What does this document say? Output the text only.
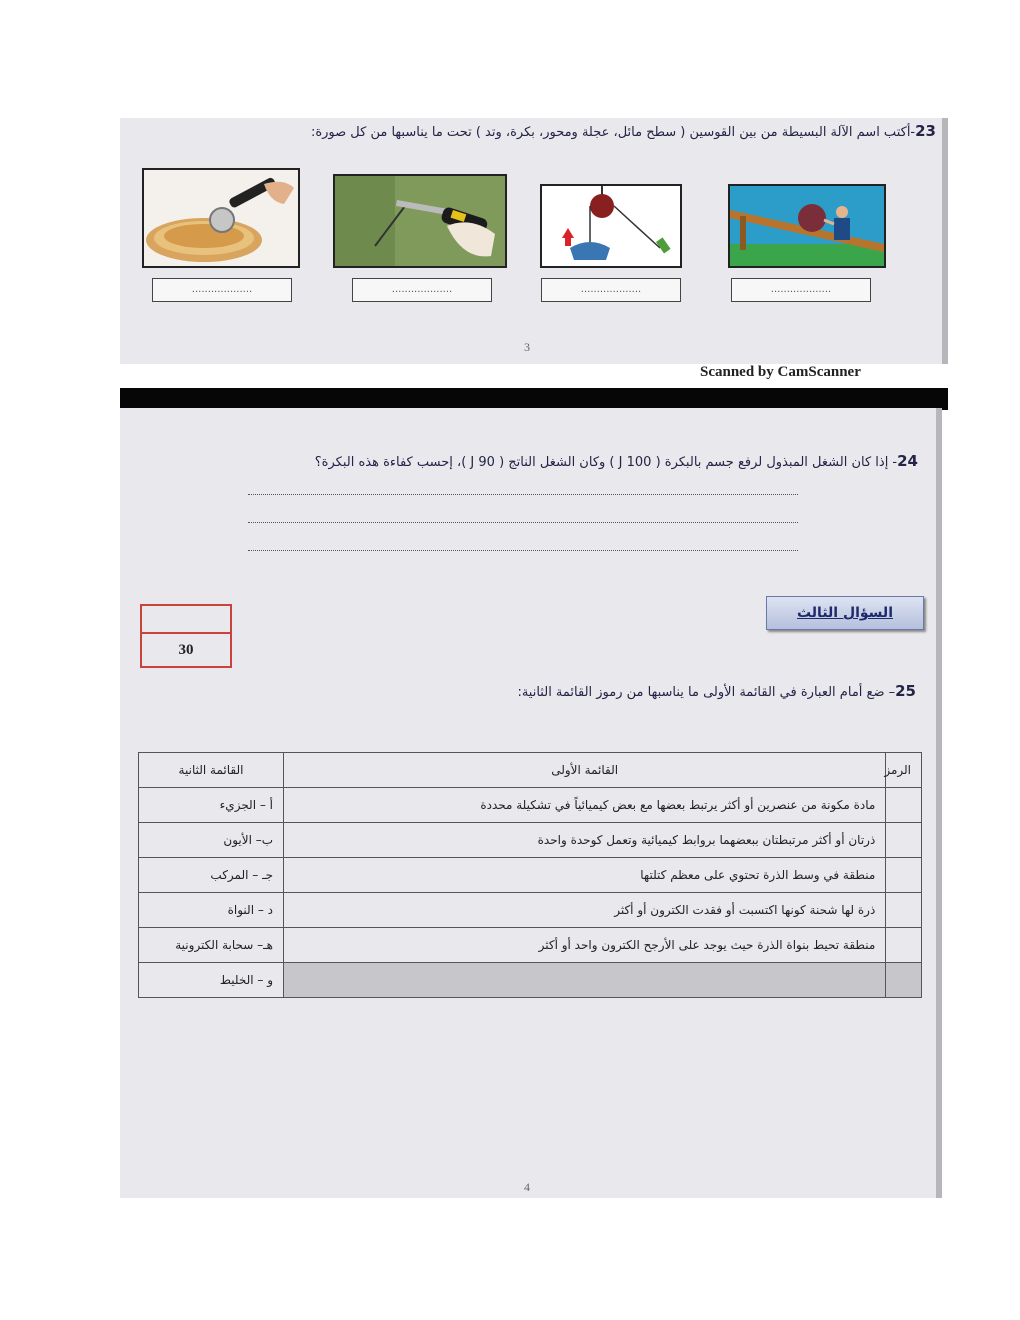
23-أكتب اسم الآلة البسيطة من بين القوسين ( سطح مائل، عجلة ومحور، بكرة، وتد ) تحت ما يناسبها من كل صورة:
...................	...................	...................	...................
3
Scanned by CamScanner
24- إذا كان الشغل المبذول لرفع جسم بالبكرة ( 100 J ) وكان الشغل الناتج ( 90 J )، إحسب كفاءة هذه البكرة؟
30
السؤال الثالث
25– ضع أمام العبارة في القائمة الأولى ما يناسبها من رموز القائمة الثانية:
الرمز	القائمة الأولى	القائمة الثانية
	مادة مكونة من عنصرين أو أكثر يرتبط بعضها مع بعض كيميائياً في تشكيلة محددة	أ – الجزيء
	ذرتان أو أكثر مرتبطتان ببعضهما بروابط كيميائية وتعمل كوحدة واحدة	ب– الأيون
	منطقة في وسط الذرة تحتوي على معظم كتلتها	جـ – المركب
	ذرة لها شحنة كونها اكتسبت أو فقدت الكترون أو أكثر	د – النواة
	منطقة تحيط بنواة الذرة حيث يوجد على الأرجح الكترون واحد أو أكثر	هـ– سحابة الكترونية
		و – الخليط
4
